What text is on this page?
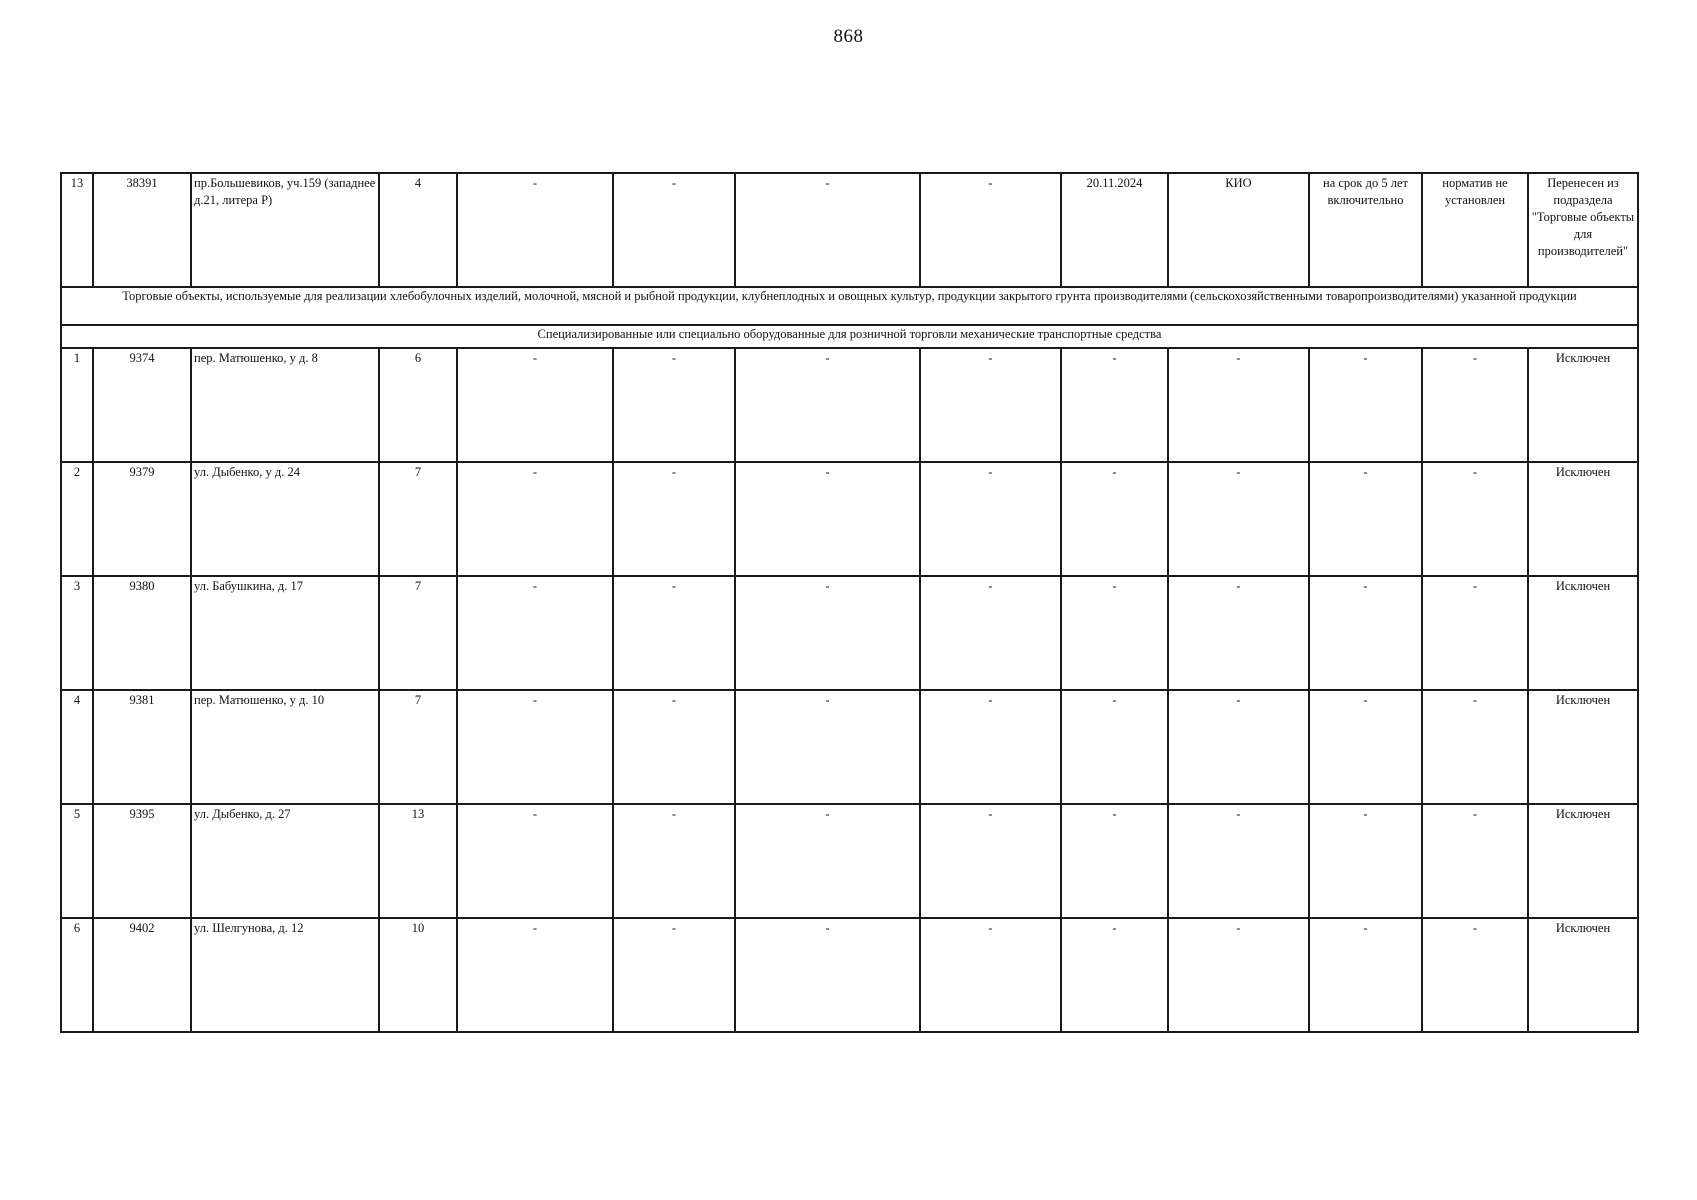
868
13	38391	пр.Большевиков, уч.159 (западнее д.21, литера Р)	4	-	-	-	-	20.11.2024	КИО	на срок до 5 лет включительно	норматив не установлен	Перенесен из подраздела "Торговые объекты для производителей"
Торговые объекты, используемые для реализации хлебобулочных изделий, молочной, мясной и рыбной продукции, клубнеплодных и овощных культур, продукции закрытого грунта производителями (сельскохозяйственными товаропроизводителями) указанной продукции												
Специализированные или специально оборудованные для розничной торговли механические транспортные средства												
1	9374	пер. Матюшенко, у д. 8	6	-	-	-	-	-	-	-	-	Исключен
2	9379	ул. Дыбенко, у д. 24	7	-	-	-	-	-	-	-	-	Исключен
3	9380	ул. Бабушкина, д. 17	7	-	-	-	-	-	-	-	-	Исключен
4	9381	пер. Матюшенко, у д. 10	7	-	-	-	-	-	-	-	-	Исключен
5	9395	ул. Дыбенко, д. 27	13	-	-	-	-	-	-	-	-	Исключен
6	9402	ул. Шелгунова, д. 12	10	-	-	-	-	-	-	-	-	Исключен
